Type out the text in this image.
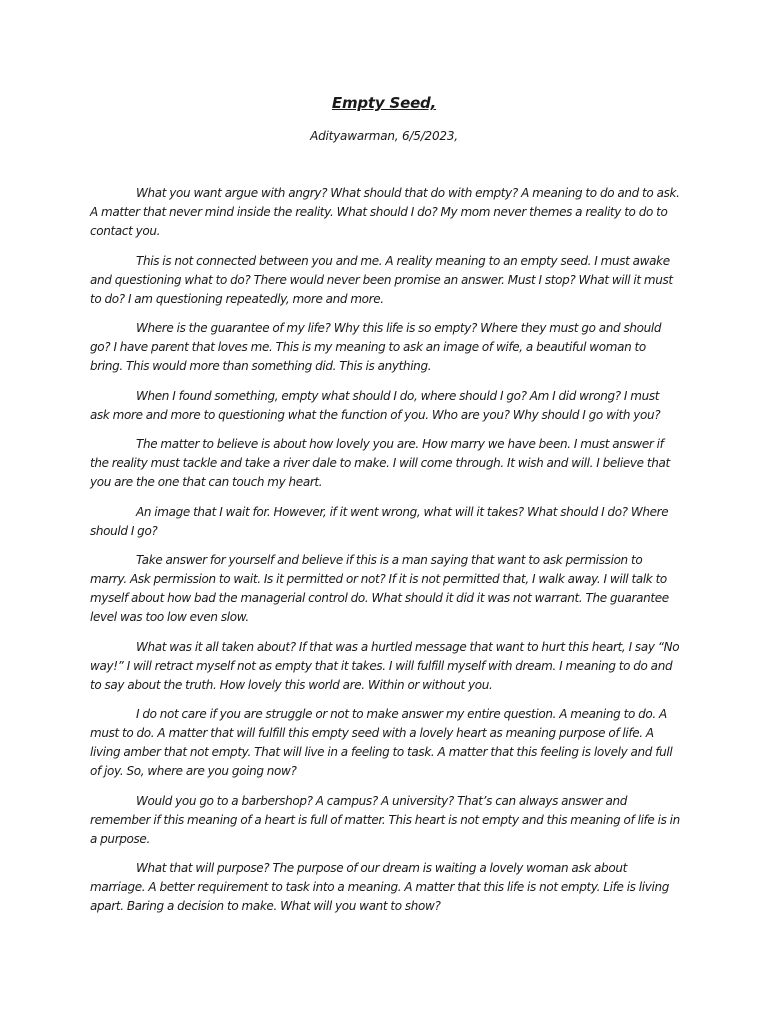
Empty Seed,
Adityawarman, 6/5/2023,

What you want argue with angry? What should that do with empty? A meaning to do and to ask. A matter that never mind inside the reality. What should I do? My mom never themes a reality to do to contact you.

This is not connected between you and me. A reality meaning to an empty seed. I must awake and questioning what to do? There would never been promise an answer. Must I stop? What will it must to do? I am questioning repeatedly, more and more.

Where is the guarantee of my life? Why this life is so empty? Where they must go and should go? I have parent that loves me. This is my meaning to ask an image of wife, a beautiful woman to bring. This would more than something did. This is anything.

When I found something, empty what should I do, where should I go? Am I did wrong? I must ask more and more to questioning what the function of you. Who are you? Why should I go with you?

The matter to believe is about how lovely you are. How marry we have been. I must answer if the reality must tackle and take a river dale to make. I will come through. It wish and will. I believe that you are the one that can touch my heart.

An image that I wait for. However, if it went wrong, what will it takes? What should I do? Where should I go?

Take answer for yourself and believe if this is a man saying that want to ask permission to marry. Ask permission to wait. Is it permitted or not? If it is not permitted that, I walk away. I will talk to myself about how bad the managerial control do. What should it did it was not warrant. The guarantee level was too low even slow.

What was it all taken about? If that was a hurtled message that want to hurt this heart, I say “No way!” I will retract myself not as empty that it takes. I will fulfill myself with dream. I meaning to do and to say about the truth. How lovely this world are. Within or without you.

I do not care if you are struggle or not to make answer my entire question. A meaning to do. A must to do. A matter that will fulfill this empty seed with a lovely heart as meaning purpose of life. A living amber that not empty. That will live in a feeling to task. A matter that this feeling is lovely and full of joy. So, where are you going now?

Would you go to a barbershop? A campus? A university? That’s can always answer and remember if this meaning of a heart is full of matter. This heart is not empty and this meaning of life is in a purpose.

What that will purpose? The purpose of our dream is waiting a lovely woman ask about marriage. A better requirement to task into a meaning. A matter that this life is not empty. Life is living apart. Baring a decision to make. What will you want to show?
